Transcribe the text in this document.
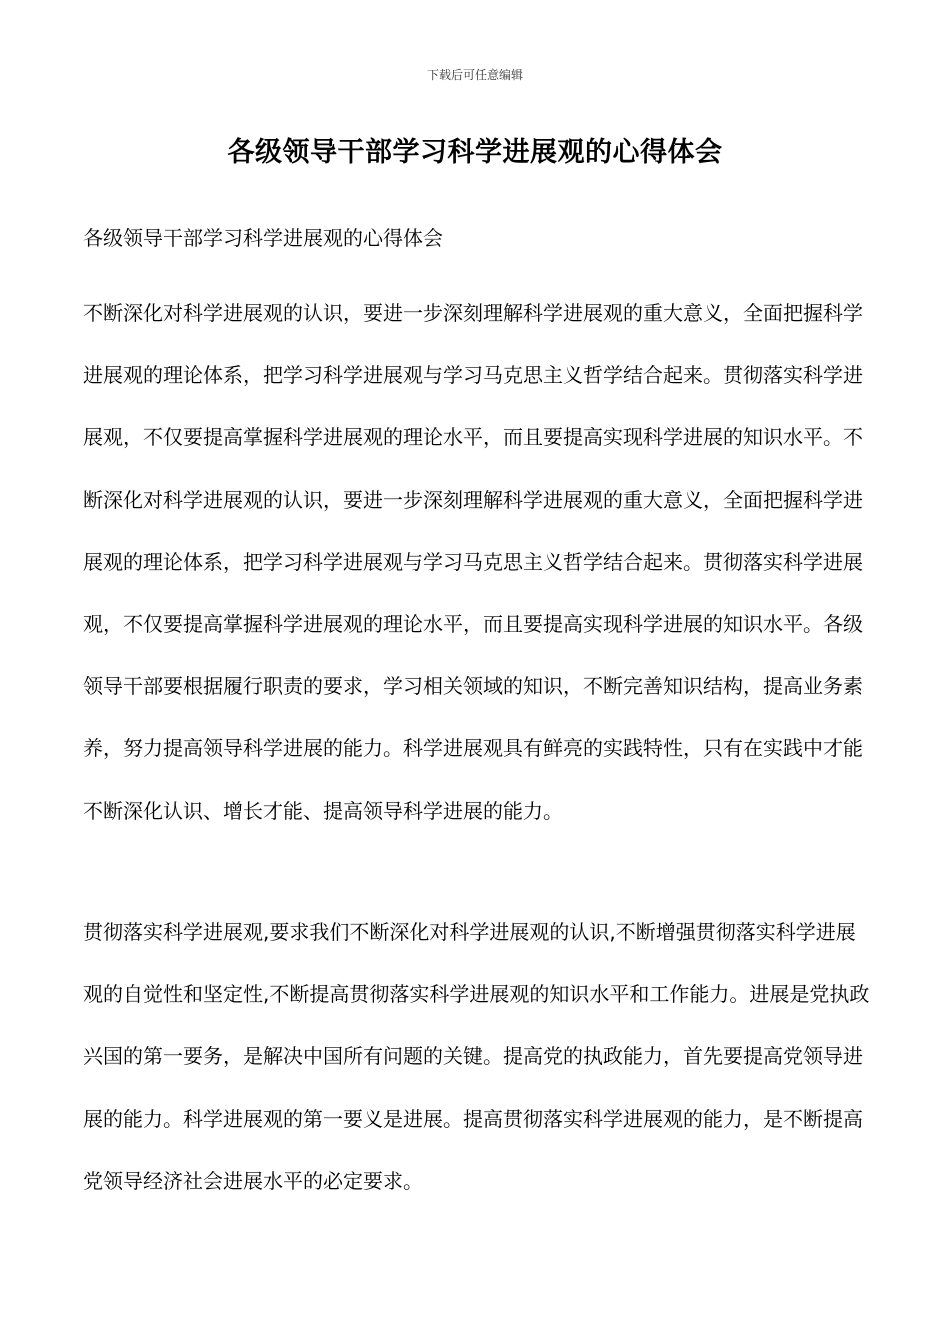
下载后可任意编辑
各级领导干部学习科学进展观的心得体会

各级领导干部学习科学进展观的心得体会

不断深化对科学进展观的认识，要进一步深刻理解科学进展观的重大意义，全面把握科学进展观的理论体系，把学习科学进展观与学习马克思主义哲学结合起来。贯彻落实科学进展观，不仅要提高掌握科学进展观的理论水平，而且要提高实现科学进展的知识水平。不断深化对科学进展观的认识，要进一步深刻理解科学进展观的重大意义，全面把握科学进展观的理论体系，把学习科学进展观与学习马克思主义哲学结合起来。贯彻落实科学进展观，不仅要提高掌握科学进展观的理论水平，而且要提高实现科学进展的知识水平。各级领导干部要根据履行职责的要求，学习相关领域的知识，不断完善知识结构，提高业务素养，努力提高领导科学进展的能力。科学进展观具有鲜亮的实践特性，只有在实践中才能不断深化认识、增长才能、提高领导科学进展的能力。

贯彻落实科学进展观,要求我们不断深化对科学进展观的认识,不断增强贯彻落实科学进展观的自觉性和坚定性,不断提高贯彻落实科学进展观的知识水平和工作能力。进展是党执政兴国的第一要务，是解决中国所有问题的关键。提高党的执政能力，首先要提高党领导进展的能力。科学进展观的第一要义是进展。提高贯彻落实科学进展观的能力，是不断提高党领导经济社会进展水平的必定要求。
